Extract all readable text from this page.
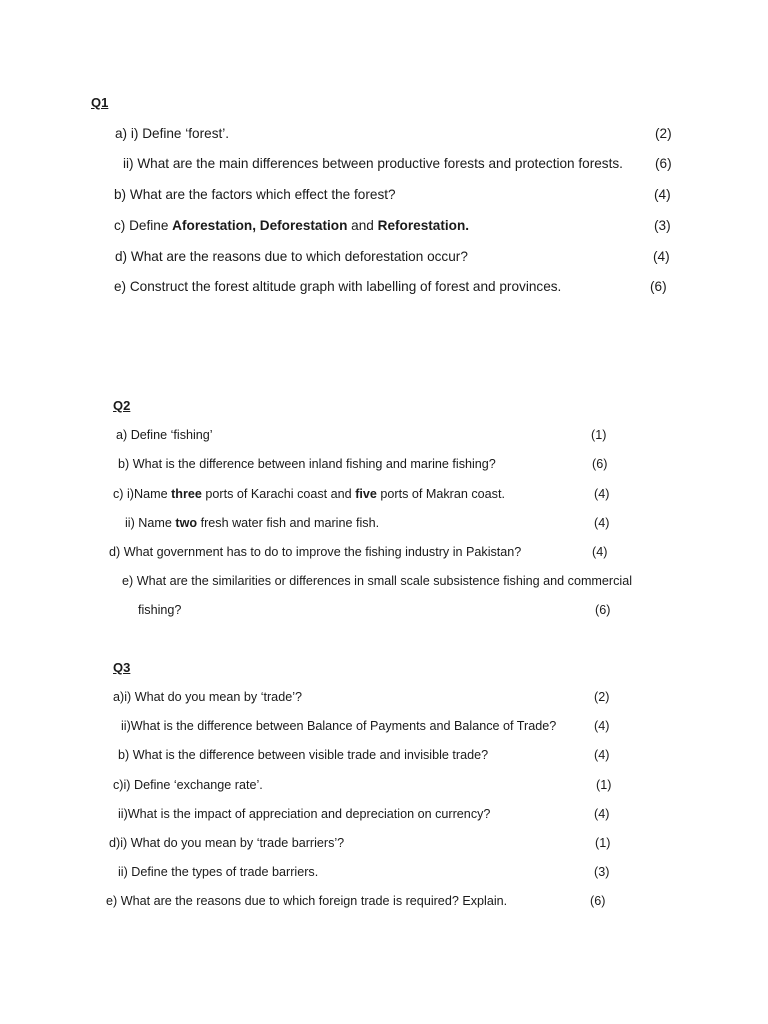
Q1

a) i) Define ‘forest’.	(2)

ii) What are the main differences between productive forests and protection forests. (6)

b) What are the factors which effect the forest?	(4)

c) Define Aforestation, Deforestation and Reforestation.	(3)

d) What are the reasons due to which deforestation occur?	(4)

e) Construct the forest altitude graph with labelling of forest and provinces.	(6)

Q2

a) Define ‘fishing’	(1)

b) What is the difference between inland fishing and marine fishing?	(6)

c) i)Name three ports of Karachi coast and five ports of Makran coast.	(4)

ii) Name two fresh water fish and marine fish.	(4)

d) What government has to do to improve the fishing industry in Pakistan?	(4)

e) What are the similarities or differences in small scale subsistence fishing and commercial

fishing?	(6)

Q3

a)i) What do you mean by ‘trade’?	(2)

ii)What is the difference between Balance of Payments and Balance of Trade?	(4)

b) What is the difference between visible trade and invisible trade?	(4)

c)i) Define ‘exchange rate’.	(1)

ii)What is the impact of appreciation and depreciation on currency?	(4)

d)i) What do you mean by ‘trade barriers’?	(1)

ii) Define the types of trade barriers.	(3)

e) What are the reasons due to which foreign trade is required? Explain.	(6)
